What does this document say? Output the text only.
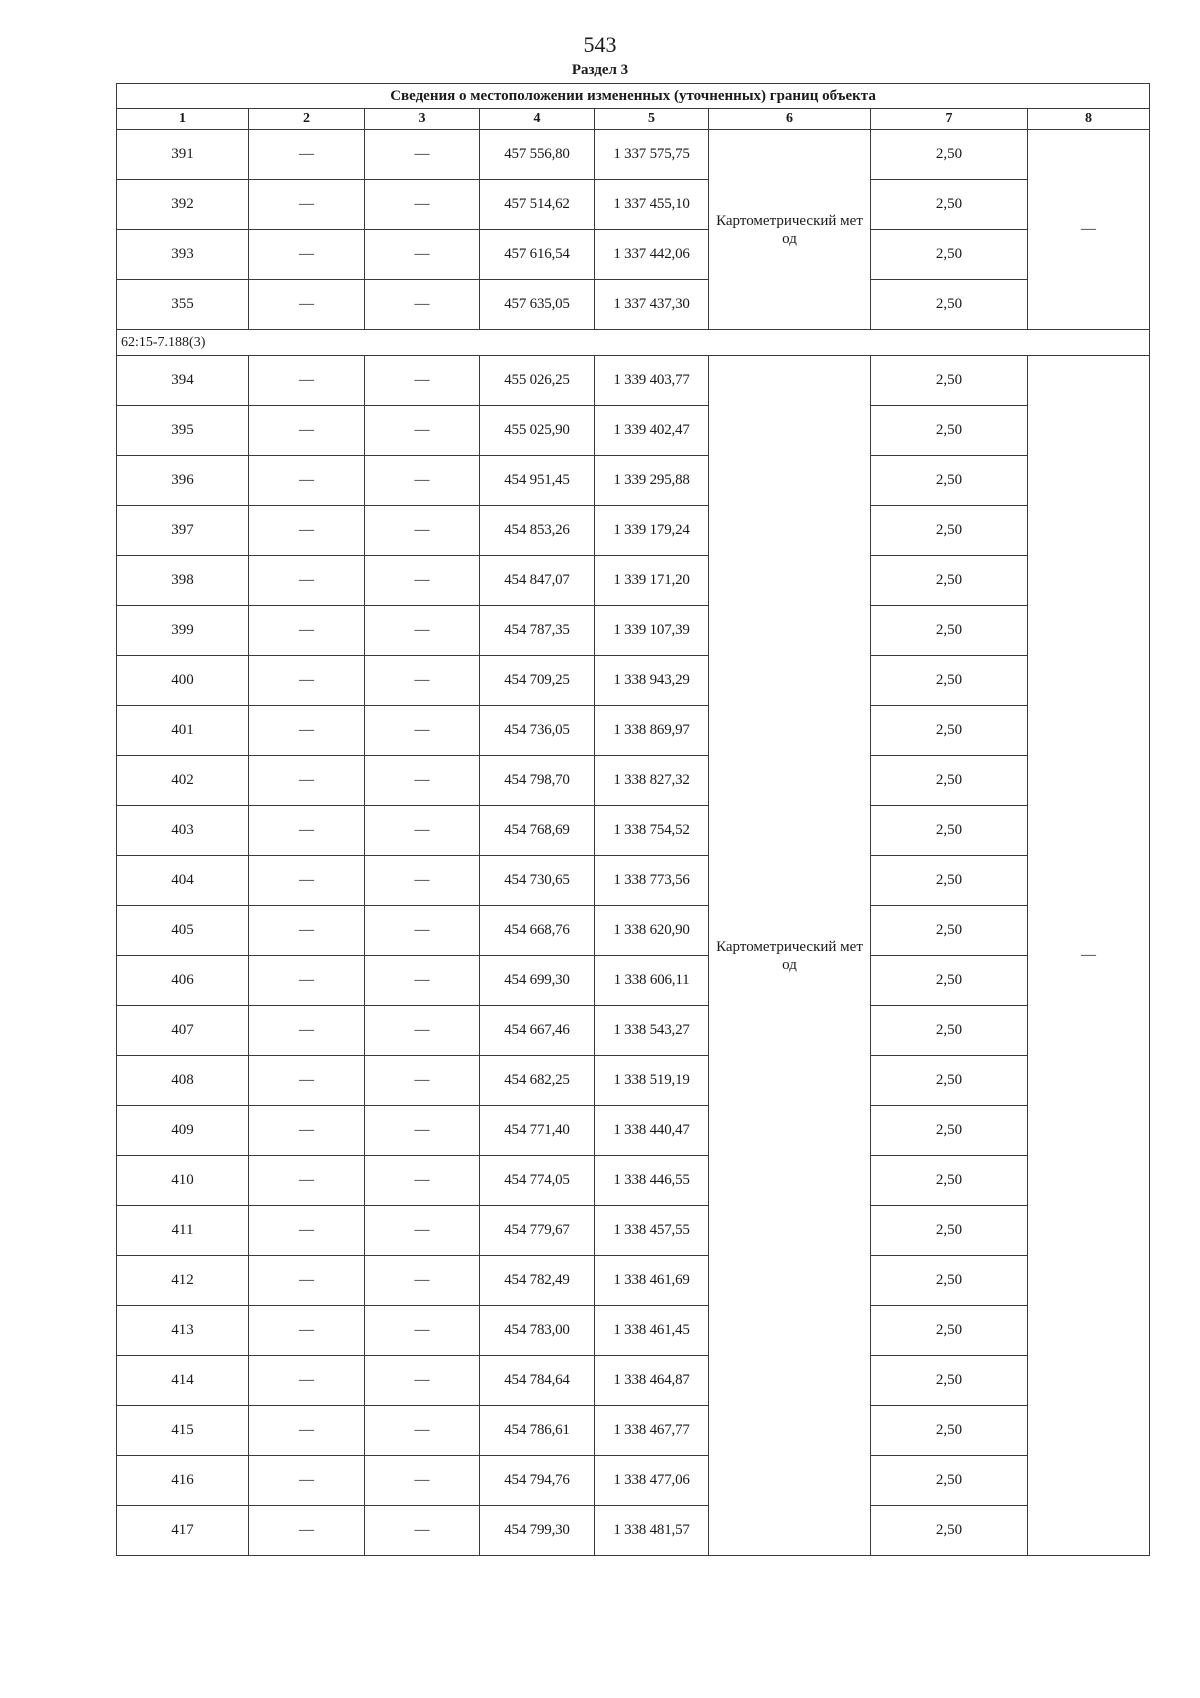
543
Раздел 3
Сведения о местоположении измененных (уточненных) границ объекта							
1	2	3	4	5	6	7	8
391	—	—	457 556,80	1 337 575,75	Картометрический метод	2,50	—
392	—	—	457 514,62	1 337 455,10		2,50	
393	—	—	457 616,54	1 337 442,06		2,50	
355	—	—	457 635,05	1 337 437,30		2,50	
62:15-7.188(3)							
394	—	—	455 026,25	1 339 403,77	Картометрический метод	2,50	—
395	—	—	455 025,90	1 339 402,47		2,50	
396	—	—	454 951,45	1 339 295,88		2,50	
397	—	—	454 853,26	1 339 179,24		2,50	
398	—	—	454 847,07	1 339 171,20		2,50	
399	—	—	454 787,35	1 339 107,39		2,50	
400	—	—	454 709,25	1 338 943,29		2,50	
401	—	—	454 736,05	1 338 869,97		2,50	
402	—	—	454 798,70	1 338 827,32		2,50	
403	—	—	454 768,69	1 338 754,52		2,50	
404	—	—	454 730,65	1 338 773,56		2,50	
405	—	—	454 668,76	1 338 620,90		2,50	
406	—	—	454 699,30	1 338 606,11		2,50	
407	—	—	454 667,46	1 338 543,27		2,50	
408	—	—	454 682,25	1 338 519,19		2,50	
409	—	—	454 771,40	1 338 440,47		2,50	
410	—	—	454 774,05	1 338 446,55		2,50	
411	—	—	454 779,67	1 338 457,55		2,50	
412	—	—	454 782,49	1 338 461,69		2,50	
413	—	—	454 783,00	1 338 461,45		2,50	
414	—	—	454 784,64	1 338 464,87		2,50	
415	—	—	454 786,61	1 338 467,77		2,50	
416	—	—	454 794,76	1 338 477,06		2,50	
417	—	—	454 799,30	1 338 481,57		2,50	
